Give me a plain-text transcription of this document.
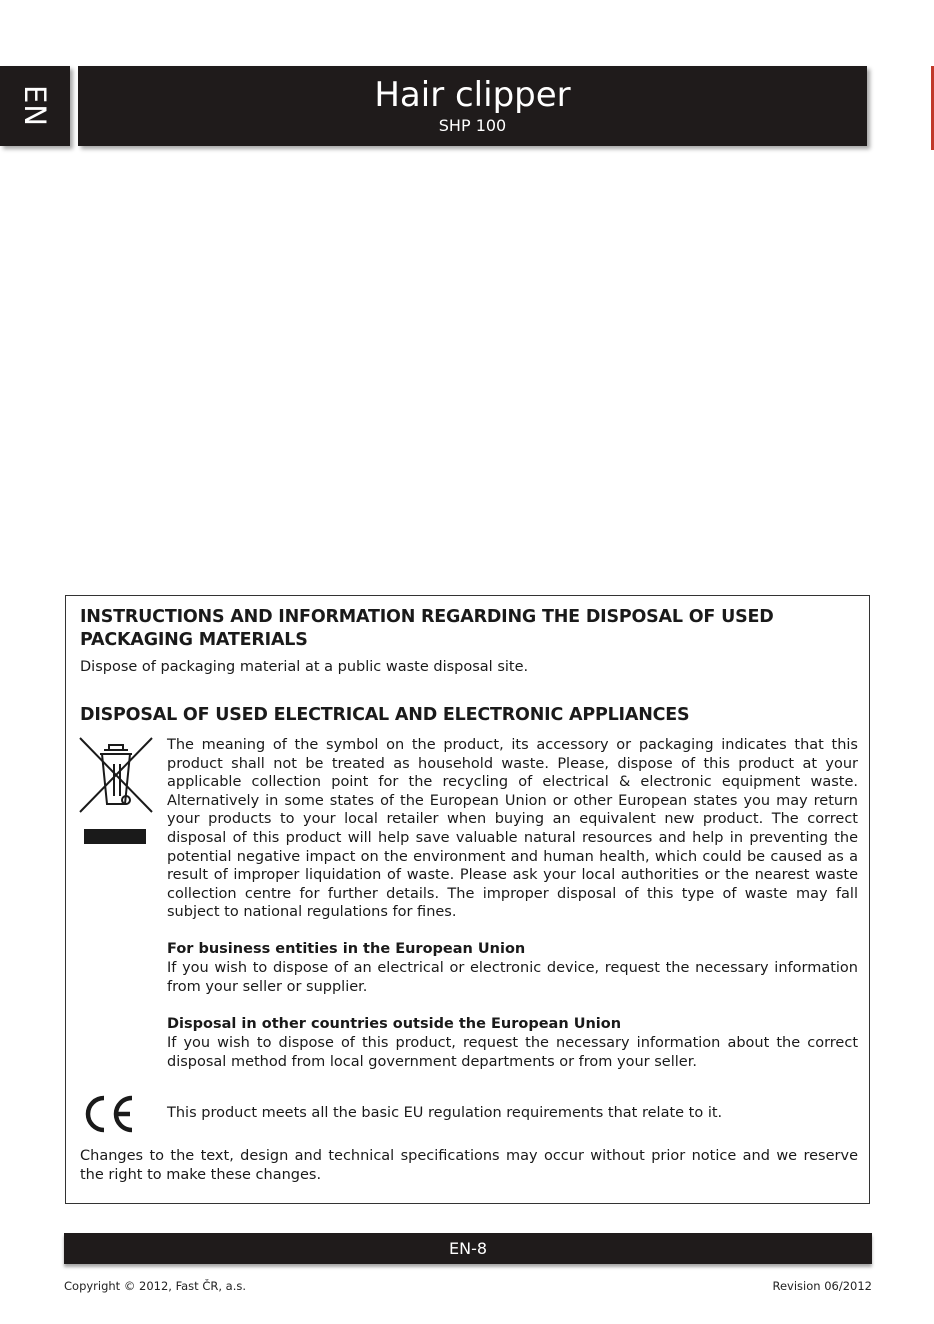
EN	Hair clipper
SHP 100
INSTRUCTIONS AND INFORMATION REGARDING THE DISPOSAL OF USED
PACKAGING MATERIALS
Dispose of packaging material at a public waste disposal site.
DISPOSAL OF USED ELECTRICAL AND ELECTRONIC APPLIANCES
The meaning of the symbol on the product, its accessory or packaging indicates that this product shall not be treated as household waste. Please, dispose of this product at your applicable collection point for the recycling of electrical & electronic equipment waste. Alternatively in some states of the European Union or other European states you may return your products to your local retailer when buying an equivalent new product. The correct disposal of this product will help save valuable natural resources and help in preventing the potential negative impact on the environment and human health, which could be caused as a result of improper liquidation of waste. Please ask your local authorities or the nearest waste collection centre for further details. The improper disposal of this type of waste may fall subject to national regulations for fines.
For business entities in the European Union
If you wish to dispose of an electrical or electronic device, request the necessary information from your seller or supplier.
Disposal in other countries outside the European Union
If you wish to dispose of this product, request the necessary information about the correct disposal method from local government departments or from your seller.
This product meets all the basic EU regulation requirements that relate to it.
Changes to the text, design and technical specifications may occur without prior notice and we reserve the right to make these changes.
EN-8
Copyright © 2012, Fast ČR, a.s.	Revision 06/2012
